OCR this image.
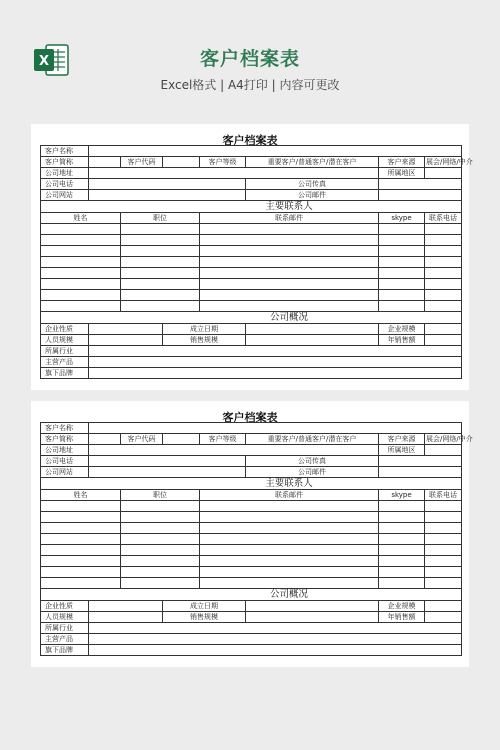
X	客户档案表
Excel格式 | A4打印 | 内容可更改
客户档案表
客户名称							
客户简称		客户代码		客户等级	重要客户/普通客户/潜在客户	客户来源	展会/网络/中介
公司地址						所属地区	
公司电话					公司传真		
公司网站					公司邮件		
				主要联系人			
姓名		职位		联系邮件		skype	联系电话

				公司概况			
企业性质			成立日期			企业规模	
人员规模			销售规模			年销售额	
所属行业							
主营产品							
旗下品牌							
客户档案表
客户名称							
客户简称		客户代码		客户等级	重要客户/普通客户/潜在客户	客户来源	展会/网络/中介
公司地址						所属地区	
公司电话					公司传真		
公司网站					公司邮件		
				主要联系人			
姓名		职位		联系邮件		skype	联系电话

				公司概况			
企业性质			成立日期			企业规模	
人员规模			销售规模			年销售额	
所属行业							
主营产品							
旗下品牌							
